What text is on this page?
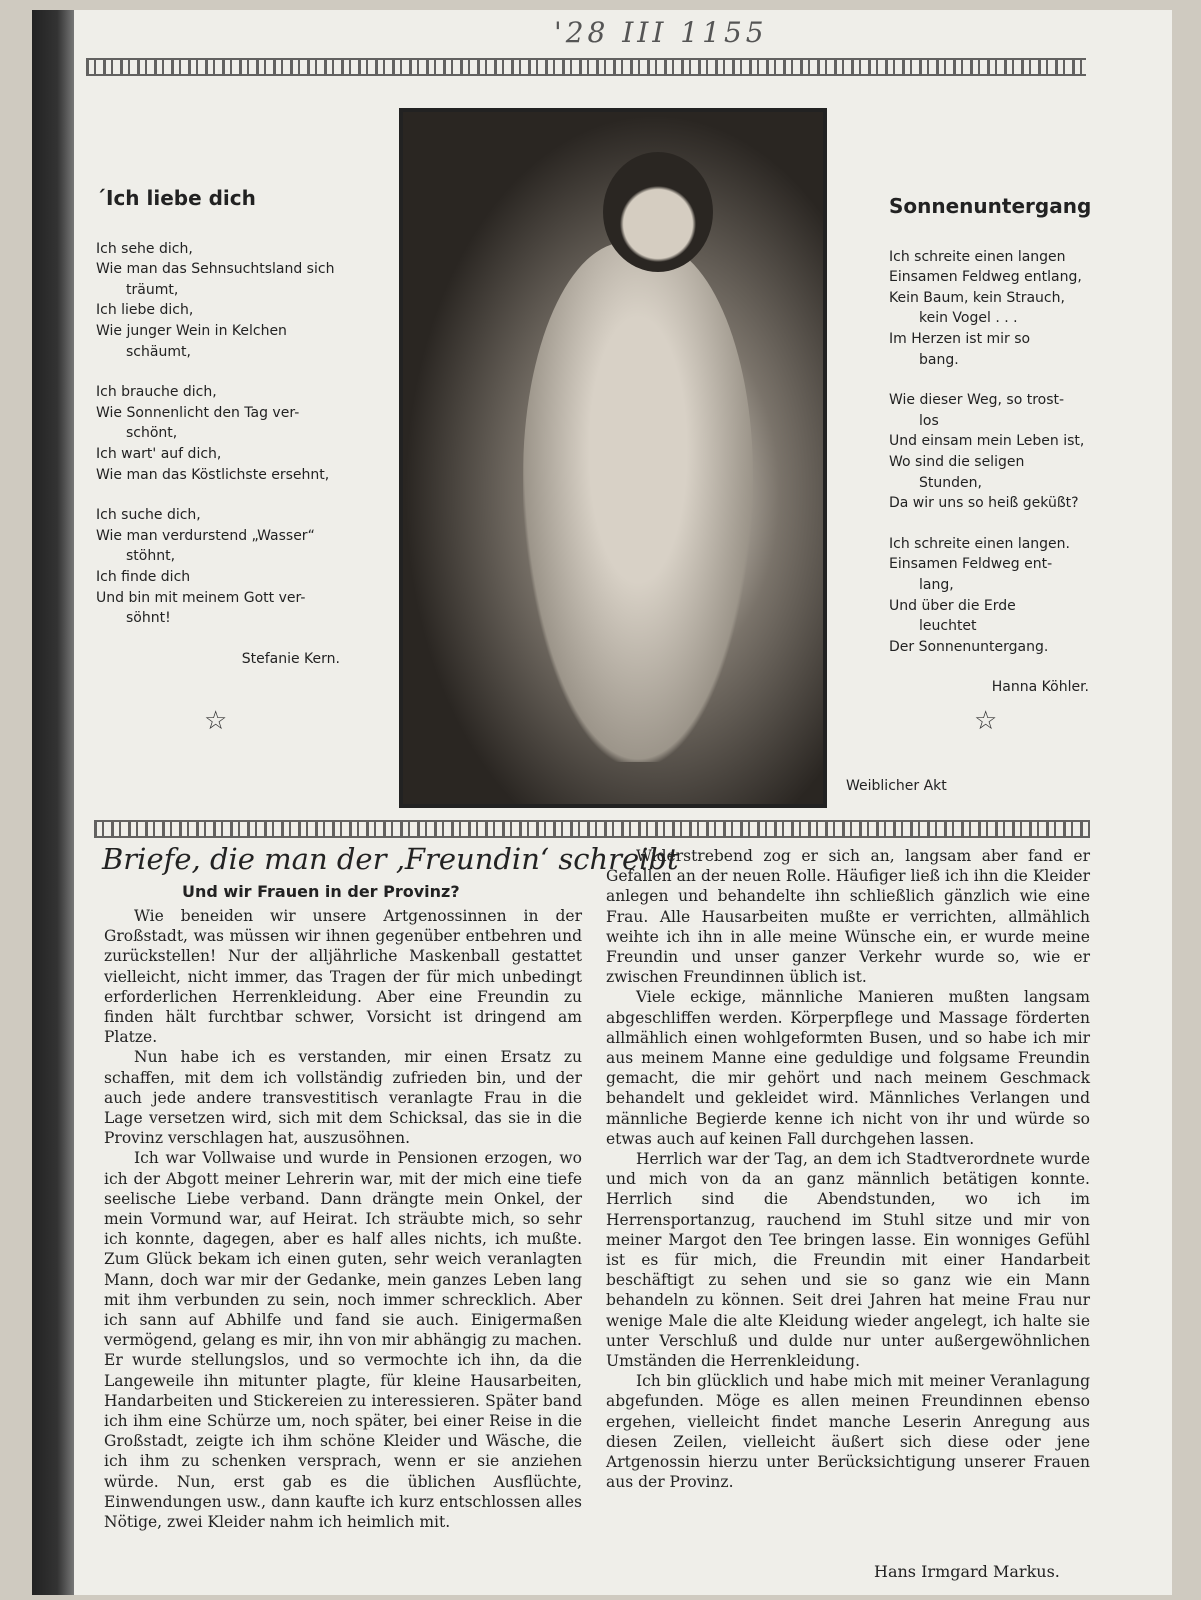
'28 III 1155
´Ich liebe dich
Ich sehe dich,
Wie man das Sehnsuchtsland sich
träumt,
Ich liebe dich,
Wie junger Wein in Kelchen
schäumt,
Ich brauche dich,
Wie Sonnenlicht den Tag ver-
schönt,
Ich wart' auf dich,
Wie man das Köstlichste ersehnt,
Ich suche dich,
Wie man verdurstend „Wasser“
stöhnt,
Ich finde dich
Und bin mit meinem Gott ver-
söhnt!
Stefanie Kern.
☆
Weiblicher Akt
Sonnenuntergang
Ich schreite einen langen
Einsamen Feldweg entlang,
Kein Baum, kein Strauch,
kein Vogel . . .
Im Herzen ist mir so
bang.
Wie dieser Weg, so trost-
los
Und einsam mein Leben ist,
Wo sind die seligen
Stunden,
Da wir uns so heiß geküßt?
Ich schreite einen langen.
Einsamen Feldweg ent-
lang,
Und über die Erde
leuchtet
Der Sonnenuntergang.
Hanna Köhler.
☆
Briefe, die man der ‚Freundin‘ schreibt
Und wir Frauen in der Provinz?

Wie beneiden wir unsere Artgenossinnen in der Großstadt, was müssen wir ihnen gegenüber entbehren und zurückstellen! Nur der alljährliche Maskenball gestattet vielleicht, nicht immer, das Tragen der für mich unbedingt erforderlichen Herrenkleidung. Aber eine Freundin zu finden hält furchtbar schwer, Vorsicht ist dringend am Platze.

Nun habe ich es verstanden, mir einen Ersatz zu schaffen, mit dem ich vollständig zufrieden bin, und der auch jede andere transvestitisch veranlagte Frau in die Lage versetzen wird, sich mit dem Schicksal, das sie in die Provinz verschlagen hat, auszusöhnen.

Ich war Vollwaise und wurde in Pensionen erzogen, wo ich der Abgott meiner Lehrerin war, mit der mich eine tiefe seelische Liebe verband. Dann drängte mein Onkel, der mein Vormund war, auf Heirat. Ich sträubte mich, so sehr ich konnte, dagegen, aber es half alles nichts, ich mußte. Zum Glück bekam ich einen guten, sehr weich veranlagten Mann, doch war mir der Gedanke, mein ganzes Leben lang mit ihm verbunden zu sein, noch immer schrecklich. Aber ich sann auf Abhilfe und fand sie auch. Einigermaßen vermögend, gelang es mir, ihn von mir abhängig zu machen. Er wurde stellungslos, und so vermochte ich ihn, da die Langeweile ihn mitunter plagte, für kleine Hausarbeiten, Handarbeiten und Stickereien zu interessieren. Später band ich ihm eine Schürze um, noch später, bei einer Reise in die Großstadt, zeigte ich ihm schöne Kleider und Wäsche, die ich ihm zu schenken versprach, wenn er sie anziehen würde. Nun, erst gab es die üblichen Ausflüchte, Einwendungen usw., dann kaufte ich kurz entschlossen alles Nötige, zwei Kleider nahm ich heimlich mit.

Widerstrebend zog er sich an, langsam aber fand er Gefallen an der neuen Rolle. Häufiger ließ ich ihn die Kleider anlegen und behandelte ihn schließlich gänzlich wie eine Frau. Alle Hausarbeiten mußte er verrichten, allmählich weihte ich ihn in alle meine Wünsche ein, er wurde meine Freundin und unser ganzer Verkehr wurde so, wie er zwischen Freundinnen üblich ist.

Viele eckige, männliche Manieren mußten langsam abgeschliffen werden. Körperpflege und Massage förderten allmählich einen wohlgeformten Busen, und so habe ich mir aus meinem Manne eine geduldige und folgsame Freundin gemacht, die mir gehört und nach meinem Geschmack behandelt und gekleidet wird. Männliches Verlangen und männliche Begierde kenne ich nicht von ihr und würde so etwas auch auf keinen Fall durchgehen lassen.

Herrlich war der Tag, an dem ich Stadtverordnete wurde und mich von da an ganz männlich betätigen konnte. Herrlich sind die Abendstunden, wo ich im Herrensportanzug, rauchend im Stuhl sitze und mir von meiner Margot den Tee bringen lasse. Ein wonniges Gefühl ist es für mich, die Freundin mit einer Handarbeit beschäftigt zu sehen und sie so ganz wie ein Mann behandeln zu können. Seit drei Jahren hat meine Frau nur wenige Male die alte Kleidung wieder angelegt, ich halte sie unter Verschluß und dulde nur unter außergewöhnlichen Umständen die Herrenkleidung.

Ich bin glücklich und habe mich mit meiner Veranlagung abgefunden. Möge es allen meinen Freundinnen ebenso ergehen, vielleicht findet manche Leserin Anregung aus diesen Zeilen, vielleicht äußert sich diese oder jene Artgenossin hierzu unter Berücksichtigung unserer Frauen aus der Provinz.

Hans Irmgard Markus.
